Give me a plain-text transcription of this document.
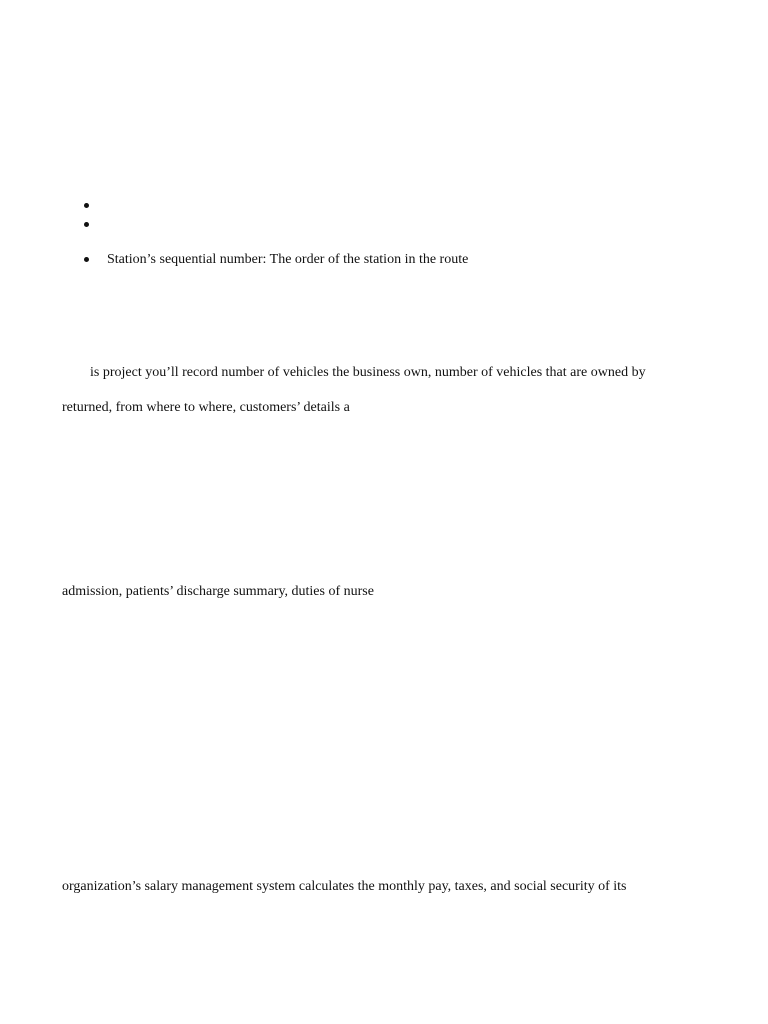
Station’s sequential number: The order of the station in the route
is project you’ll record number of vehicles the business own, number of vehicles that are owned by
returned, from where to where, customers’ details a
admission, patients’ discharge summary, duties of nurse
organization’s salary management system calculates the monthly pay, taxes, and social security of its
